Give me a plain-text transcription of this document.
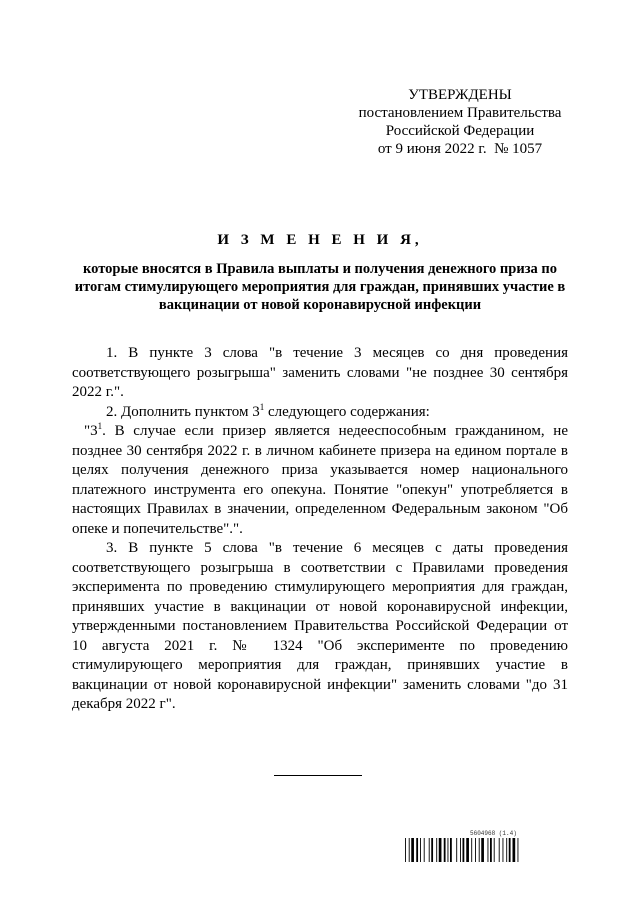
УТВЕРЖДЕНЫ
постановлением Правительства
Российской Федерации
от 9 июня 2022 г. № 1057
И З М Е Н Е Н И Я,
которые вносятся в Правила выплаты и получения денежного приза по итогам стимулирующего мероприятия для граждан, принявших участие в вакцинации от новой коронавирусной инфекции

1. В пункте 3 слова "в течение 3 месяцев со дня проведения соответствующего розыгрыша" заменить словами "не позднее 30 сентября 2022 г.".

2. Дополнить пунктом $3^1$ следующего содержания:

"$3^1$. В случае если призер является недееспособным гражданином, не позднее 30 сентября 2022 г. в личном кабинете призера на едином портале в целях получения денежного приза указывается номер национального платежного инструмента его опекуна. Понятие "опекун" употребляется в настоящих Правилах в значении, определенном Федеральным законом "Об опеке и попечительстве".".

3. В пункте 5 слова "в течение 6 месяцев с даты проведения соответствующего розыгрыша в соответствии с Правилами проведения эксперимента по проведению стимулирующего мероприятия для граждан, принявших участие в вакцинации от новой коронавирусной инфекции, утвержденными постановлением Правительства Российской Федерации от 10 августа 2021 г. № 1324 "Об эксперименте по проведению стимулирующего мероприятия для граждан, принявших участие в вакцинации от новой коронавирусной инфекции" заменить словами "до 31 декабря 2022 г".

5604968 (1.4)
